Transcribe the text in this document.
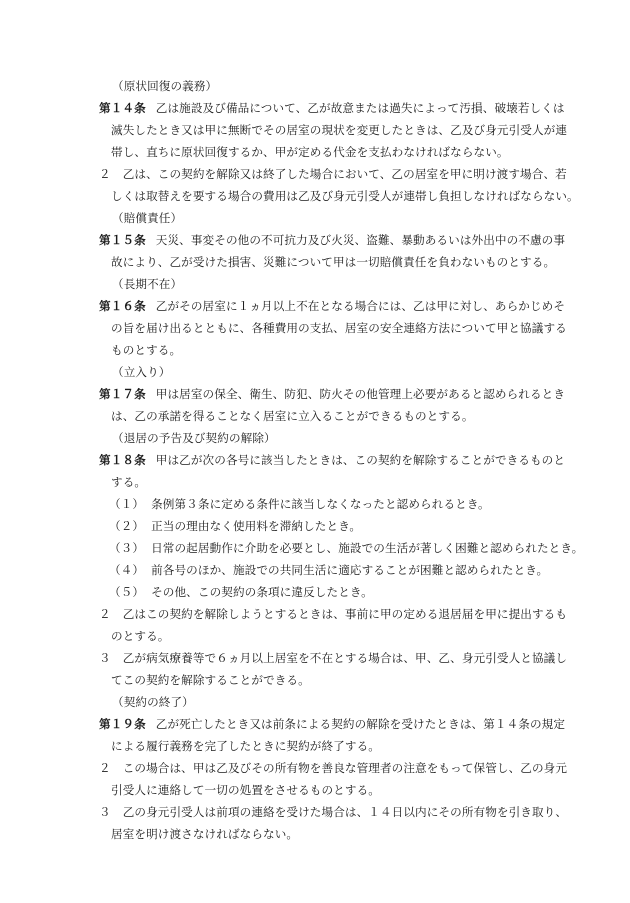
（原状回復の義務）
第１４条 乙は施設及び備品について、乙が故意または過失によって汚損、破壊若しくは
滅失したとき又は甲に無断でその居室の現状を変更したときは、乙及び身元引受人が連
帯し、直ちに原状回復するか、甲が定める代金を支払わなければならない。
２ 乙は、この契約を解除又は終了した場合において、乙の居室を甲に明け渡す場合、若
しくは取替えを要する場合の費用は乙及び身元引受人が連帯し負担しなければならない。
（賠償責任）
第１５条 天災、事変その他の不可抗力及び火災、盗難、暴動あるいは外出中の不慮の事
故により、乙が受けた損害、災難について甲は一切賠償責任を負わないものとする。
（長期不在）
第１６条 乙がその居室に１ヵ月以上不在となる場合には、乙は甲に対し、あらかじめそ
の旨を届け出るとともに、各種費用の支払、居室の安全連絡方法について甲と協議する
ものとする。
（立入り）
第１７条 甲は居室の保全、衛生、防犯、防火その他管理上必要があると認められるとき
は、乙の承諾を得ることなく居室に立入ることができるものとする。
（退居の予告及び契約の解除）
第１８条 甲は乙が次の各号に該当したときは、この契約を解除することができるものと
する。
（１） 条例第３条に定める条件に該当しなくなったと認められるとき。
（２） 正当の理由なく使用料を滞納したとき。
（３） 日常の起居動作に介助を必要とし、施設での生活が著しく困難と認められたとき。
（４） 前各号のほか、施設での共同生活に適応することが困難と認められたとき。
（５） その他、この契約の条項に違反したとき。
２ 乙はこの契約を解除しようとするときは、事前に甲の定める退居届を甲に提出するも
のとする。
３ 乙が病気療養等で６ヵ月以上居室を不在とする場合は、甲、乙、身元引受人と協議し
てこの契約を解除することができる。
（契約の終了）
第１９条 乙が死亡したとき又は前条による契約の解除を受けたときは、第１４条の規定
による履行義務を完了したときに契約が終了する。
２ この場合は、甲は乙及びその所有物を善良な管理者の注意をもって保管し、乙の身元
引受人に連絡して一切の処置をさせるものとする。
３ 乙の身元引受人は前項の連絡を受けた場合は、１４日以内にその所有物を引き取り、
居室を明け渡さなければならない。
